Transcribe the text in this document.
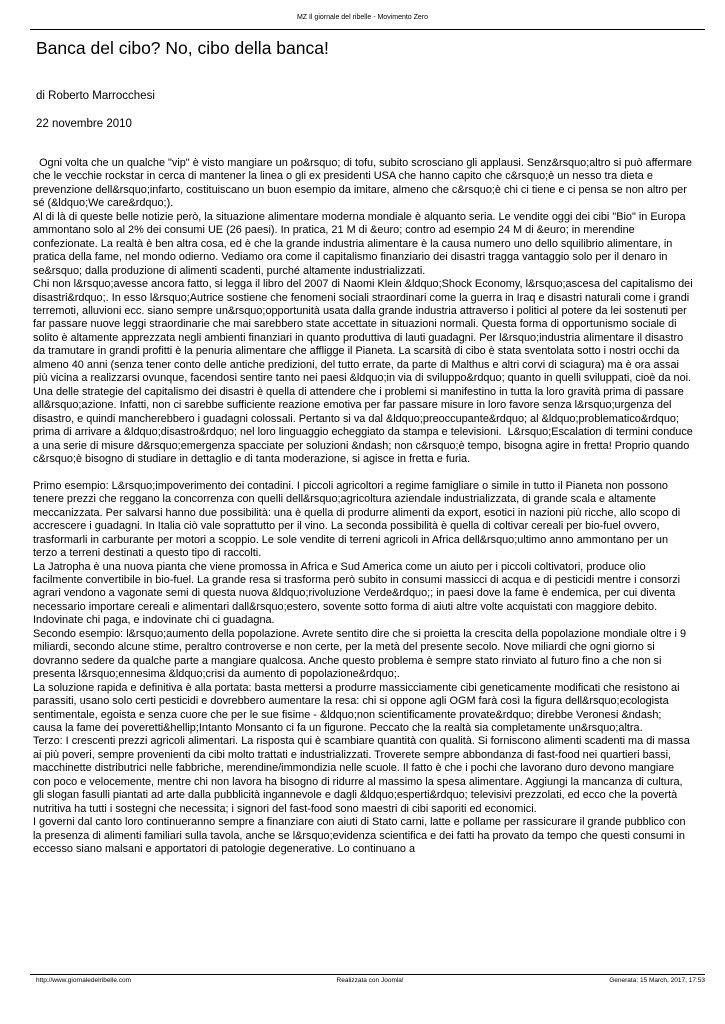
MZ Il giornale del ribelle - Movimento Zero
Banca del cibo? No, cibo della banca!
di Roberto Marrocchesi
22 novembre 2010

Ogni volta che un qualche "vip" è visto mangiare un po&rsquo; di tofu, subito scrosciano gli applausi. Senz&rsquo;altro si può affermare che le vecchie rockstar in cerca di mantener la linea o gli ex presidenti USA che hanno capito che c&rsquo;è un nesso tra dieta e prevenzione dell&rsquo;infarto, costituiscano un buon esempio da imitare, almeno che c&rsquo;è chi ci tiene e ci pensa se non altro per sé (&ldquo;We care&rdquo;).

Al di là di queste belle notizie però, la situazione alimentare moderna mondiale è alquanto seria. Le vendite oggi dei cibi "Bio" in Europa ammontano solo al 2% dei consumi UE (26 paesi). In pratica, 21 M di &euro; contro ad esempio 24 M di &euro; in merendine confezionate. La realtà è ben altra cosa, ed è che la grande industria alimentare è la causa numero uno dello squilibrio alimentare, in pratica della fame, nel mondo odierno. Vediamo ora come il capitalismo finanziario dei disastri tragga vantaggio solo per il denaro in se&rsquo; dalla produzione di alimenti scadenti, purché altamente industrializzati.

Chi non l&rsquo;avesse ancora fatto, si legga il libro del 2007 di Naomi Klein &ldquo;Shock Economy, l&rsquo;ascesa del capitalismo dei disastri&rdquo;. In esso l&rsquo;Autrice sostiene che fenomeni sociali straordinari come la guerra in Iraq e disastri naturali come i grandi terremoti, alluvioni ecc. siano sempre un&rsquo;opportunità usata dalla grande industria attraverso i politici al potere da lei sostenuti per far passare nuove leggi straordinarie che mai sarebbero state accettate in situazioni normali. Questa forma di opportunismo sociale di solito è altamente apprezzata negli ambienti finanziari in quanto produttiva di lauti guadagni. Per l&rsquo;industria alimentare il disastro da tramutare in grandi profitti è la penuria alimentare che affligge il Pianeta. La scarsità di cibo è stata sventolata sotto i nostri occhi da almeno 40 anni (senza tener conto delle antiche predizioni, del tutto errate, da parte di Malthus e altri corvi di sciagura) ma è ora assai più vicina a realizzarsi ovunque, facendosi sentire tanto nei paesi &ldquo;in via di sviluppo&rdquo; quanto in quelli sviluppati, cioè da noi.

Una delle strategie del capitalismo dei disastri è quella di attendere che i problemi si manifestino in tutta la loro gravità prima di passare all&rsquo;azione. Infatti, non ci sarebbe sufficiente reazione emotiva per far passare misure in loro favore senza l&rsquo;urgenza del disastro, e quindi mancherebbero i guadagni colossali. Pertanto si va dal &ldquo;preoccupante&rdquo; al &ldquo;problematico&rdquo; prima di arrivare a &ldquo;disastro&rdquo; nel loro linguaggio echeggiato da stampa e televisioni.  L&rsquo;Escalation di termini conduce a una serie di misure d&rsquo;emergenza spacciate per soluzioni &ndash; non c&rsquo;è tempo, bisogna agire in fretta! Proprio quando c&rsquo;è bisogno di studiare in dettaglio e di tanta moderazione, si agisce in fretta e furia.

Primo esempio: L&rsquo;impoverimento dei contadini. I piccoli agricoltori a regime famigliare o simile in tutto il Pianeta non possono tenere prezzi che reggano la concorrenza con quelli dell&rsquo;agricoltura aziendale industrializzata, di grande scala e altamente meccanizzata. Per salvarsi hanno due possibilità: una è quella di produrre alimenti da export, esotici in nazioni più ricche, allo scopo di accrescere i guadagni. In Italia ciò vale soprattutto per il vino. La seconda possibilità è quella di coltivar cereali per bio-fuel ovvero, trasformarli in carburante per motori a scoppio. Le sole vendite di terreni agricoli in Africa dell&rsquo;ultimo anno ammontano per un terzo a terreni destinati a questo tipo di raccolti.

La Jatropha è una nuova pianta che viene promossa in Africa e Sud America come un aiuto per i piccoli coltivatori, produce olio facilmente convertibile in bio-fuel. La grande resa si trasforma però subito in consumi massicci di acqua e di pesticidi mentre i consorzi agrari vendono a vagonate semi di questa nuova &ldquo;rivoluzione Verde&rdquo;; in paesi dove la fame è endemica, per cui diventa necessario importare cereali e alimentari dall&rsquo;estero, sovente sotto forma di aiuti altre volte acquistati con maggiore debito. Indovinate chi paga, e indovinate chi ci guadagna.

Secondo esempio: l&rsquo;aumento della popolazione. Avrete sentito dire che si proietta la crescita della popolazione mondiale oltre i 9 miliardi, secondo alcune stime, peraltro controverse e non certe, per la metà del presente secolo. Nove miliardi che ogni giorno si dovranno sedere da qualche parte a mangiare qualcosa. Anche questo problema è sempre stato rinviato al futuro fino a che non si presenta l&rsquo;ennesima &ldquo;crisi da aumento di popolazione&rdquo;.

La soluzione rapida e definitiva è alla portata: basta mettersi a produrre massicciamente cibi geneticamente modificati che resistono ai parassiti, usano solo certi pesticidi e dovrebbero aumentare la resa: chi si oppone agli OGM farà così la figura dell&rsquo;ecologista sentimentale, egoista e senza cuore che per le sue fisime - &ldquo;non scientificamente provate&rdquo; direbbe Veronesi &ndash; causa la fame dei poveretti&hellip;Intanto Monsanto ci fa un figurone. Peccato che la realtà sia completamente un&rsquo;altra.

Terzo: I crescenti prezzi agricoli alimentari. La risposta qui è scambiare quantità con qualità. Si forniscono alimenti scadenti ma di massa ai più poveri, sempre provenienti da cibi molto trattati e industrializzati. Troverete sempre abbondanza di fast-food nei quartieri bassi, macchinette distributrici nelle fabbriche, merendine/immondizia nelle scuole. Il fatto è che i pochi che lavorano duro devono mangiare con poco e velocemente, mentre chi non lavora ha bisogno di ridurre al massimo la spesa alimentare. Aggiungi la mancanza di cultura, gli slogan fasulli piantati ad arte dalla pubblicità ingannevole e dagli &ldquo;esperti&rdquo; televisivi prezzolati, ed ecco che la povertà nutritiva ha tutti i sostegni che necessita; i signori del fast-food sono maestri di cibi saporiti ed economici.

I governi dal canto loro continueranno sempre a finanziare con aiuti di Stato carni, latte e pollame per rassicurare il grande pubblico con la presenza di alimenti familiari sulla tavola, anche se l&rsquo;evidenza scientifica e dei fatti ha provato da tempo che questi consumi in eccesso siano malsani e apportatori di patologie degenerative. Lo continuano a

http://www.giornaledelribelle.com	Realizzata con Joomla!	Generata: 15 March, 2017, 17:53
